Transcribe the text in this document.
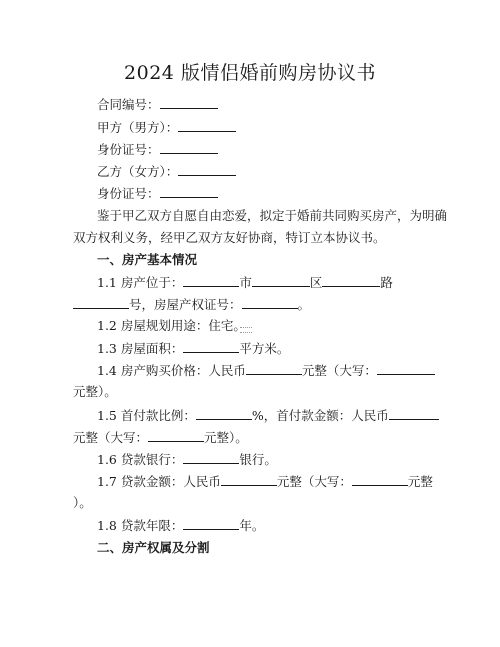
2024 版情侣婚前购房协议书
合同编号：
甲方（男方）：
身份证号：
乙方（女方）：
身份证号：
鉴于甲乙双方自愿自由恋爱，拟定于婚前共同购买房产，为明确
双方权利义务，经甲乙双方友好协商，特订立本协议书。
一、房产基本情况
1.1 房产位于：	市	区	路
号，房屋产权证号：	。
1.2 房屋规划用途：住宅。
1.3 房屋面积：	平方米。
1.4 房产购买价格：人民币	元整（大写：
元整）。
1.5 首付款比例：	%，首付款金额：人民币
元整（大写：	元整）。
1.6 贷款银行：	银行。
1.7 贷款金额：人民币	元整（大写：	元整
）。
1.8 贷款年限：	年。
二、房产权属及分割
